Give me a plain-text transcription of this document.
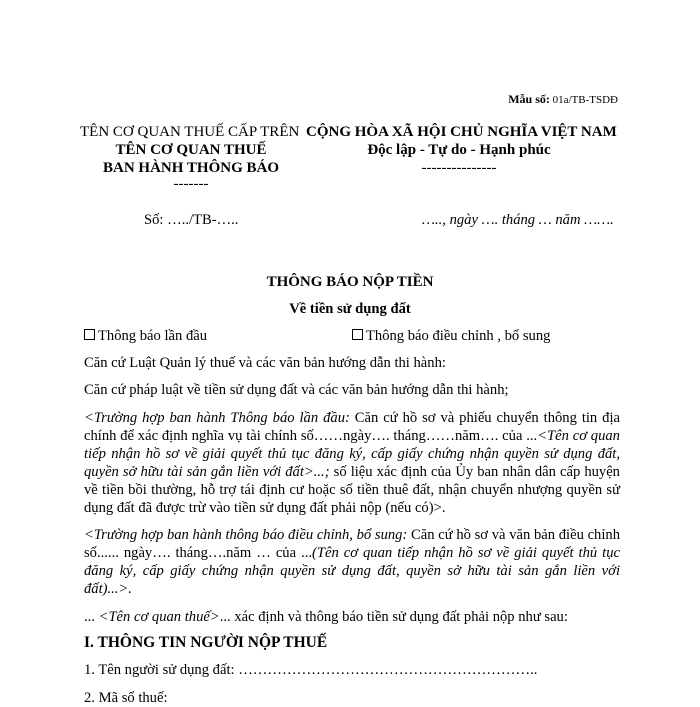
Mẫu số: 01a/TB-TSDĐ
TÊN CƠ QUAN THUẾ CẤP TRÊN
TÊN CƠ QUAN THUẾ
BAN HÀNH THÔNG BÁO
-------
CỘNG HÒA XÃ HỘI CHỦ NGHĨA VIỆT NAM
Độc lập - Tự do - Hạnh phúc
---------------
Số: …../TB-…..	….., ngày …. tháng … năm …….
THÔNG BÁO NỘP TIỀN
Về tiền sử dụng đất
Thông báo lần đầu	Thông báo điều chỉnh , bổ sung
Căn cứ Luật Quản lý thuế và các văn bản hướng dẫn thi hành:
Căn cứ pháp luật về tiền sử dụng đất và các văn bản hướng dẫn thi hành;
<Trường hợp ban hành Thông báo lần đầu: Căn cứ hồ sơ và phiếu chuyển thông tin địa chính để xác định nghĩa vụ tài chính số……ngày…. tháng……năm…. của ...<Tên cơ quan tiếp nhận hồ sơ về giải quyết thủ tục đăng ký, cấp giấy chứng nhận quyền sử dụng đất, quyền sở hữu tài sản gắn liền với đất>...; số liệu xác định của Ủy ban nhân dân cấp huyện về tiền bồi thường, hỗ trợ tái định cư hoặc số tiền thuê đất, nhận chuyển nhượng quyền sử dụng đất đã được trừ vào tiền sử dụng đất phải nộp (nếu có)>.
<Trường hợp ban hành thông báo điều chỉnh, bổ sung: Căn cứ hồ sơ và văn bản điều chỉnh số...... ngày…. tháng….năm … của ...(Tên cơ quan tiếp nhận hồ sơ về giải quyết thủ tục đăng ký, cấp giấy chứng nhận quyền sử dụng đất, quyền sở hữu tài sản gắn liền với đất)...>.
... <Tên cơ quan thuế>... xác định và thông báo tiền sử dụng đất phải nộp như sau:
I. THÔNG TIN NGƯỜI NỘP THUẾ
1. Tên người sử dụng đất: ……………………………………………………..
2. Mã số thuế:
